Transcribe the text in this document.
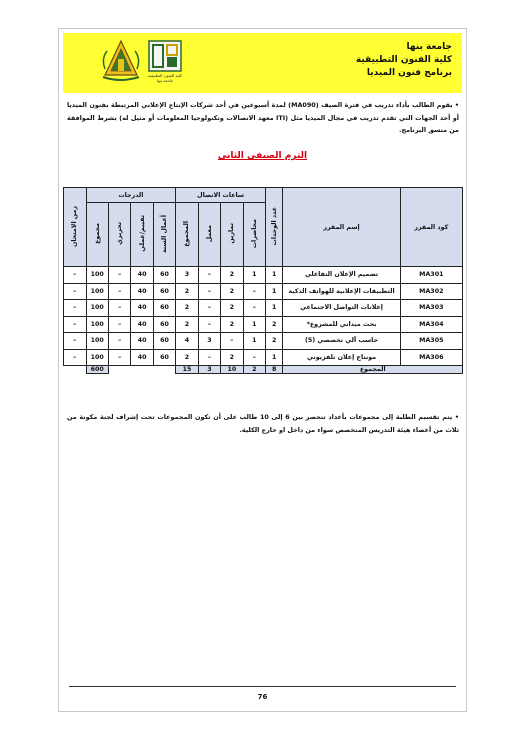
كلية الفنون التطبيقية جامعة بنها
جامعة بنها
كلية الفنون التطبيقية
برنامج فنون الميديا
• يقوم الطالب بأداء تدريب في فترة الصيف (MA090) لمدة أسبوعين في أحد شركات الإنتاج الإعلاني المرتبطة بفنون الميديا أو أحد الجهات التي تقدم تدريب في مجال الميديا مثل (ITI معهد الاتصالات وتكنولوجيا المعلومات أو مثيل له) بشرط الموافقة من منسق البرنامج.
الترم الصيفي الثاني
كود المقرر	إسم المقرر	عدد الوحدات	ساعات الاتصال				الدرجات				زمن الامتحان
			محاضرات	تمارين	معمل	المجموع	أعمال السنة	تقييم/عملي	تحريري	مجموع	
MA301	تصميم الإعلان التفاعلي	1	1	2	–	3	60	40	–	100	–
MA302	التطبيقات الإعلانية للهواتف الذكية	1	–	2	–	2	60	40	–	100	–
MA303	إعلانات التواصل الاجتماعي	1	–	2	–	2	60	40	–	100	–
MA304	بحث ميداني للمشروع*	2	1	2	–	2	60	40	–	100	–
MA305	حاسب آلي تخصصي (5)	2	1	–	3	4	60	40	–	100	–
MA306	مونتاج إعلان تلفزيوني	1	–	2	–	2	60	40	–	100	–
المجموع		8	2	10	3	15				600	
• يتم تقسيم الطلبة إلى مجموعات بأعداد تنحصر بين 6 إلى 10 طالب على أن تكون المجموعات تحت إشراف لجنة مكونة من ثلاث من أعضاء هيئة التدريس المتخصص سواء من داخل او خارج الكلية.
76
